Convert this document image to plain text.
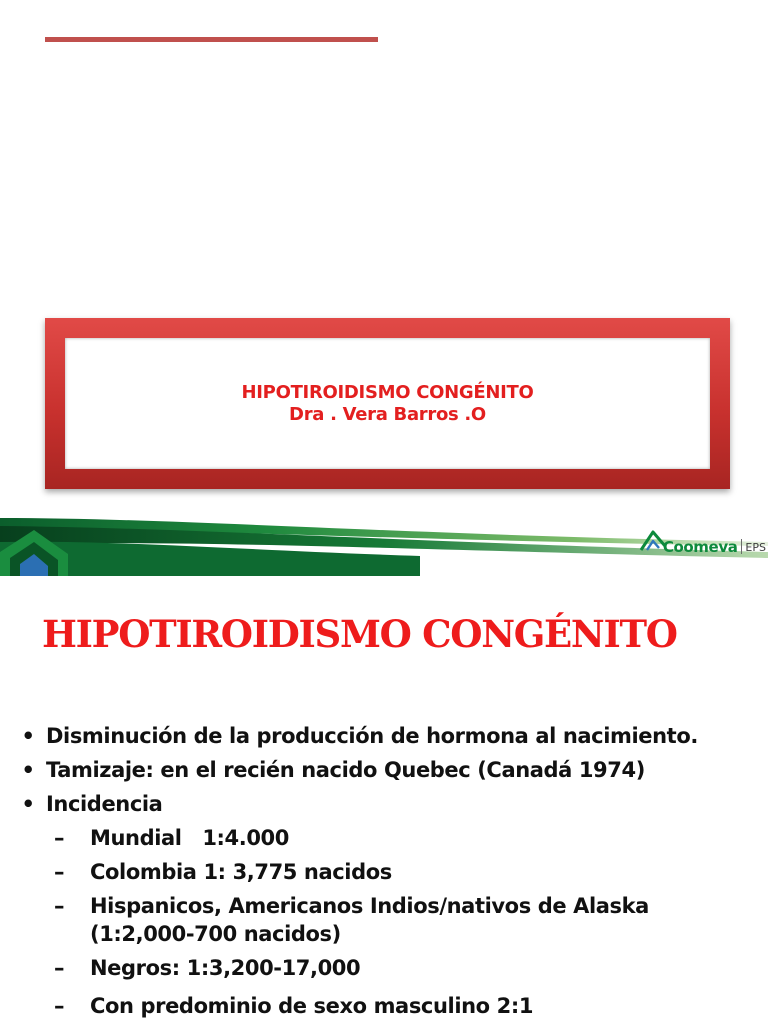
HIPOTIROIDISMO CONGÉNITO
Dra . Vera Barros .O
Coomeva EPS
HIPOTIROIDISMO CONGÉNITO
• Disminución de la producción de hormona al nacimiento.
• Tamizaje: en el recién nacido Quebec (Canadá 1974)
• Incidencia
–	Mundial   1:4.000
–	Colombia 1: 3,775 nacidos
–	Hispanicos, Americanos Indios/nativos de Alaska
(1:2,000-700 nacidos)
–	Negros: 1:3,200-17,000
–	Con predominio de sexo masculino 2:1
